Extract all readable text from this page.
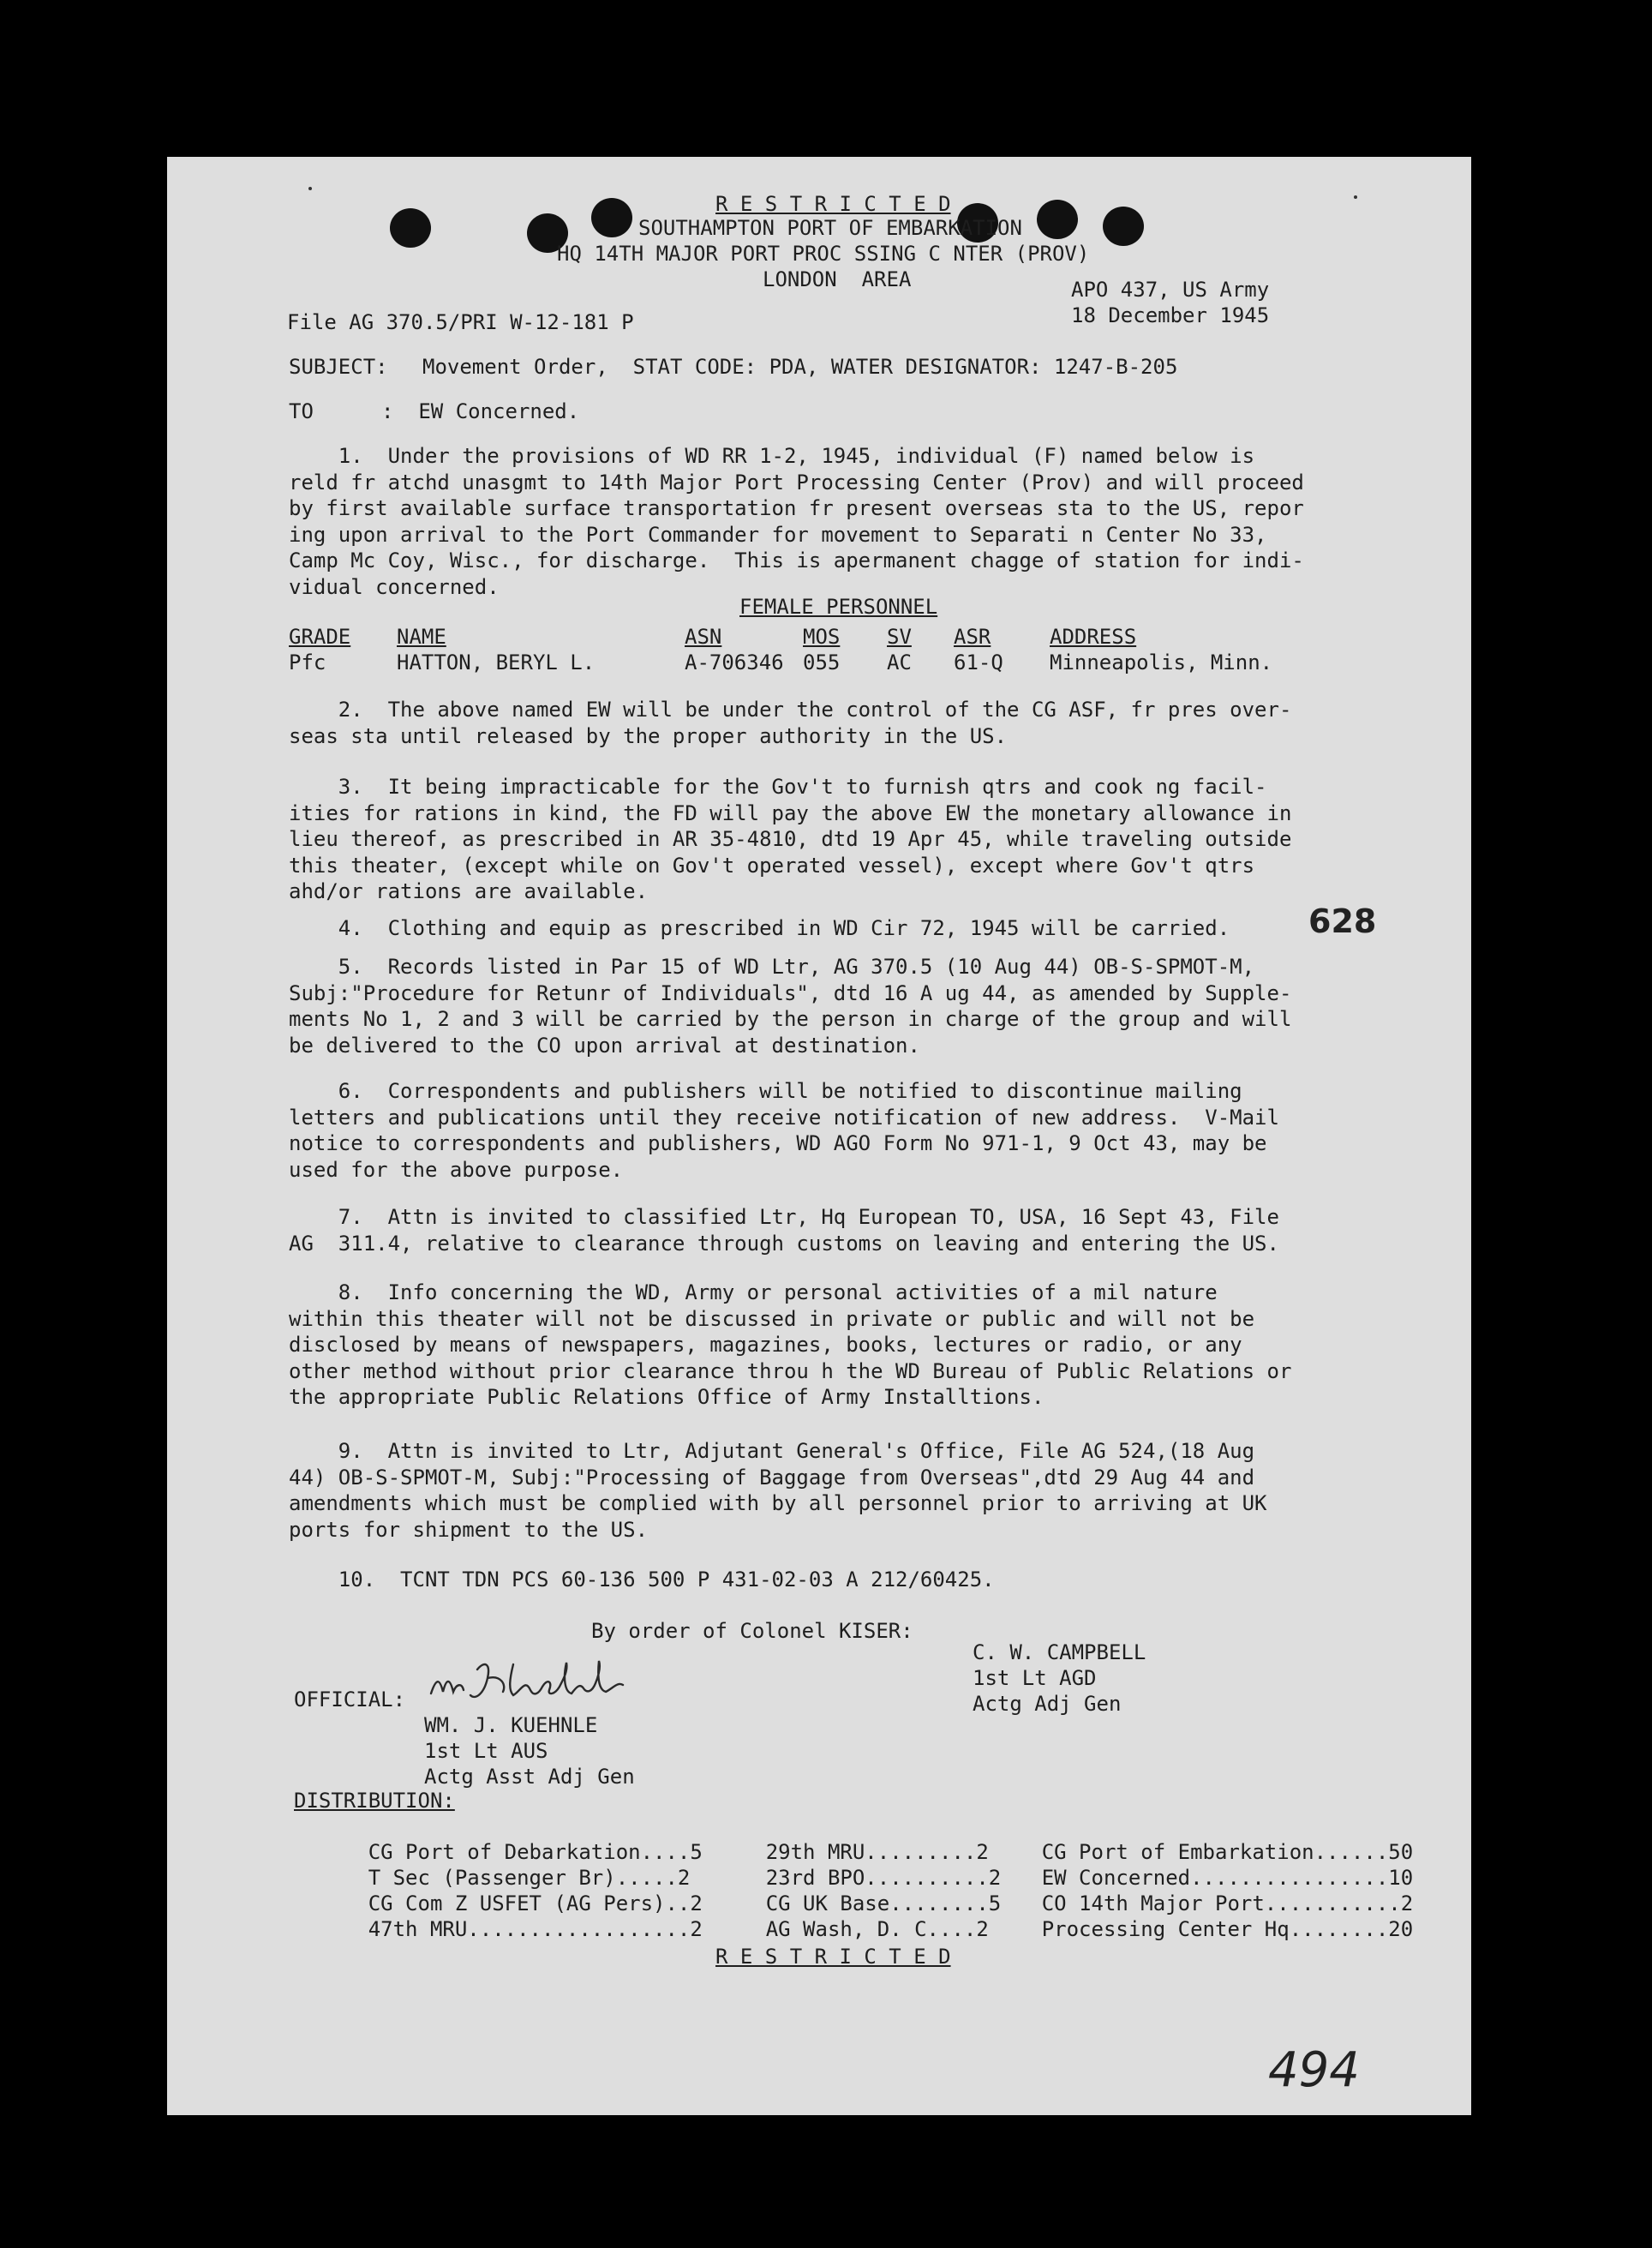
R E S T R I C T E D
SOUTHAMPTON PORT OF EMBARKATION
HQ 14TH MAJOR PORT PROC SSING C NTER (PROV)
LONDON  AREA	APO 437, US Army
18 December 1945
File AG 370.5/PRI W-12-181 P
SUBJECT: Movement Order,  STAT CODE: PDA, WATER DESIGNATOR: 1247-B-205
TO	:  EW Concerned.
1.  Under the provisions of WD RR 1-2, 1945, individual (F) named below is
reld fr atchd unasgmt to 14th Major Port Processing Center (Prov) and will proceed
by first available surface transportation fr present overseas sta to the US, repor
ing upon arrival to the Port Commander for movement to Separati n Center No 33,
Camp Mc Coy, Wisc., for discharge.  This is apermanent chagge of station for indi-
vidual concerned.
FEMALE PERSONNEL
GRADE NAME	ASN	MOS SV ASR	ADDRESS
Pfc	HATTON, BERYL L.	A-706346 055 AC 61-Q Minneapolis, Minn.
2.  The above named EW will be under the control of the CG ASF, fr pres over-
seas sta until released by the proper authority in the US.
3.  It being impracticable for the Gov't to furnish qtrs and cook ng facil-
ities for rations in kind, the FD will pay the above EW the monetary allowance in
lieu thereof, as prescribed in AR 35-4810, dtd 19 Apr 45, while traveling outside
this theater, (except while on Gov't operated vessel), except where Gov't qtrs
ahd/or rations are available.
4.  Clothing and equip as prescribed in WD Cir 72, 1945 will be carried.	628
5.  Records listed in Par 15 of WD Ltr, AG 370.5 (10 Aug 44) OB-S-SPMOT-M,
Subj:"Procedure for Retunr of Individuals", dtd 16 A ug 44, as amended by Supple-
ments No 1, 2 and 3 will be carried by the person in charge of the group and will
be delivered to the CO upon arrival at destination.
6.  Correspondents and publishers will be notified to discontinue mailing
letters and publications until they receive notification of new address.  V-Mail
notice to correspondents and publishers, WD AGO Form No 971-1, 9 Oct 43, may be
used for the above purpose.
7.  Attn is invited to classified Ltr, Hq European TO, USA, 16 Sept 43, File
AG  311.4, relative to clearance through customs on leaving and entering the US.
8.  Info concerning the WD, Army or personal activities of a mil nature
within this theater will not be discussed in private or public and will not be
disclosed by means of newspapers, magazines, books, lectures or radio, or any
other method without prior clearance throu h the WD Bureau of Public Relations or
the appropriate Public Relations Office of Army Installtions.
9.  Attn is invited to Ltr, Adjutant General's Office, File AG 524,(18 Aug
44) OB-S-SPMOT-M, Subj:"Processing of Baggage from Overseas",dtd 29 Aug 44 and
amendments which must be complied with by all personnel prior to arriving at UK
ports for shipment to the US.
10.  TCNT TDN PCS 60-136 500 P 431-02-03 A 212/60425.
By order of Colonel KISER:
C. W. CAMPBELL
1st Lt AGD
Actg Adj Gen
OFFICIAL:
WM. J. KUEHNLE
1st Lt AUS
Actg Asst Adj Gen
DISTRIBUTION:

CG Port of Debarkation....5	29th MRU.........2	CG Port of Embarkation......50

T Sec (Passenger Br).....2	23rd BPO..........2 EW Concerned................10

CG Com Z USFET (AG Pers)..2	CG UK Base........5 CO 14th Major Port...........2

47th MRU..................2	AG Wash, D. C....2	Processing Center Hq........20

R E S T R I C T E D
494
